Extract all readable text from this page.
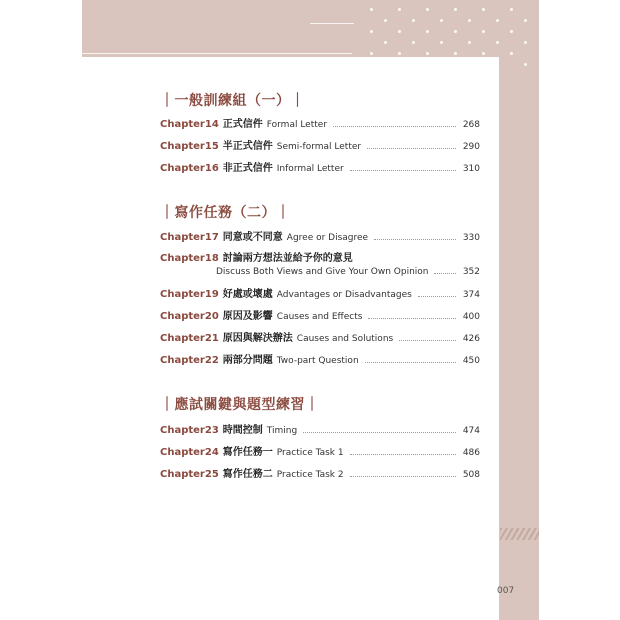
｜一般訓練組（一）｜
Chapter14 正式信件 Formal Letter	268
Chapter15 半正式信件 Semi-formal Letter	290
Chapter16 非正式信件 Informal Letter	310
｜寫作任務（二）｜
Chapter17 同意或不同意 Agree or Disagree	330
Chapter18 討論兩方想法並給予你的意見
Discuss Both Views and Give Your Own Opinion	352
Chapter19 好處或壞處 Advantages or Disadvantages	374
Chapter20 原因及影響 Causes and Effects	400
Chapter21 原因與解決辦法 Causes and Solutions	426
Chapter22 兩部分問題 Two-part Question	450
｜應試關鍵與題型練習｜
Chapter23 時間控制 Timing	474
Chapter24 寫作任務一 Practice Task 1	486
Chapter25 寫作任務二 Practice Task 2	508
007
